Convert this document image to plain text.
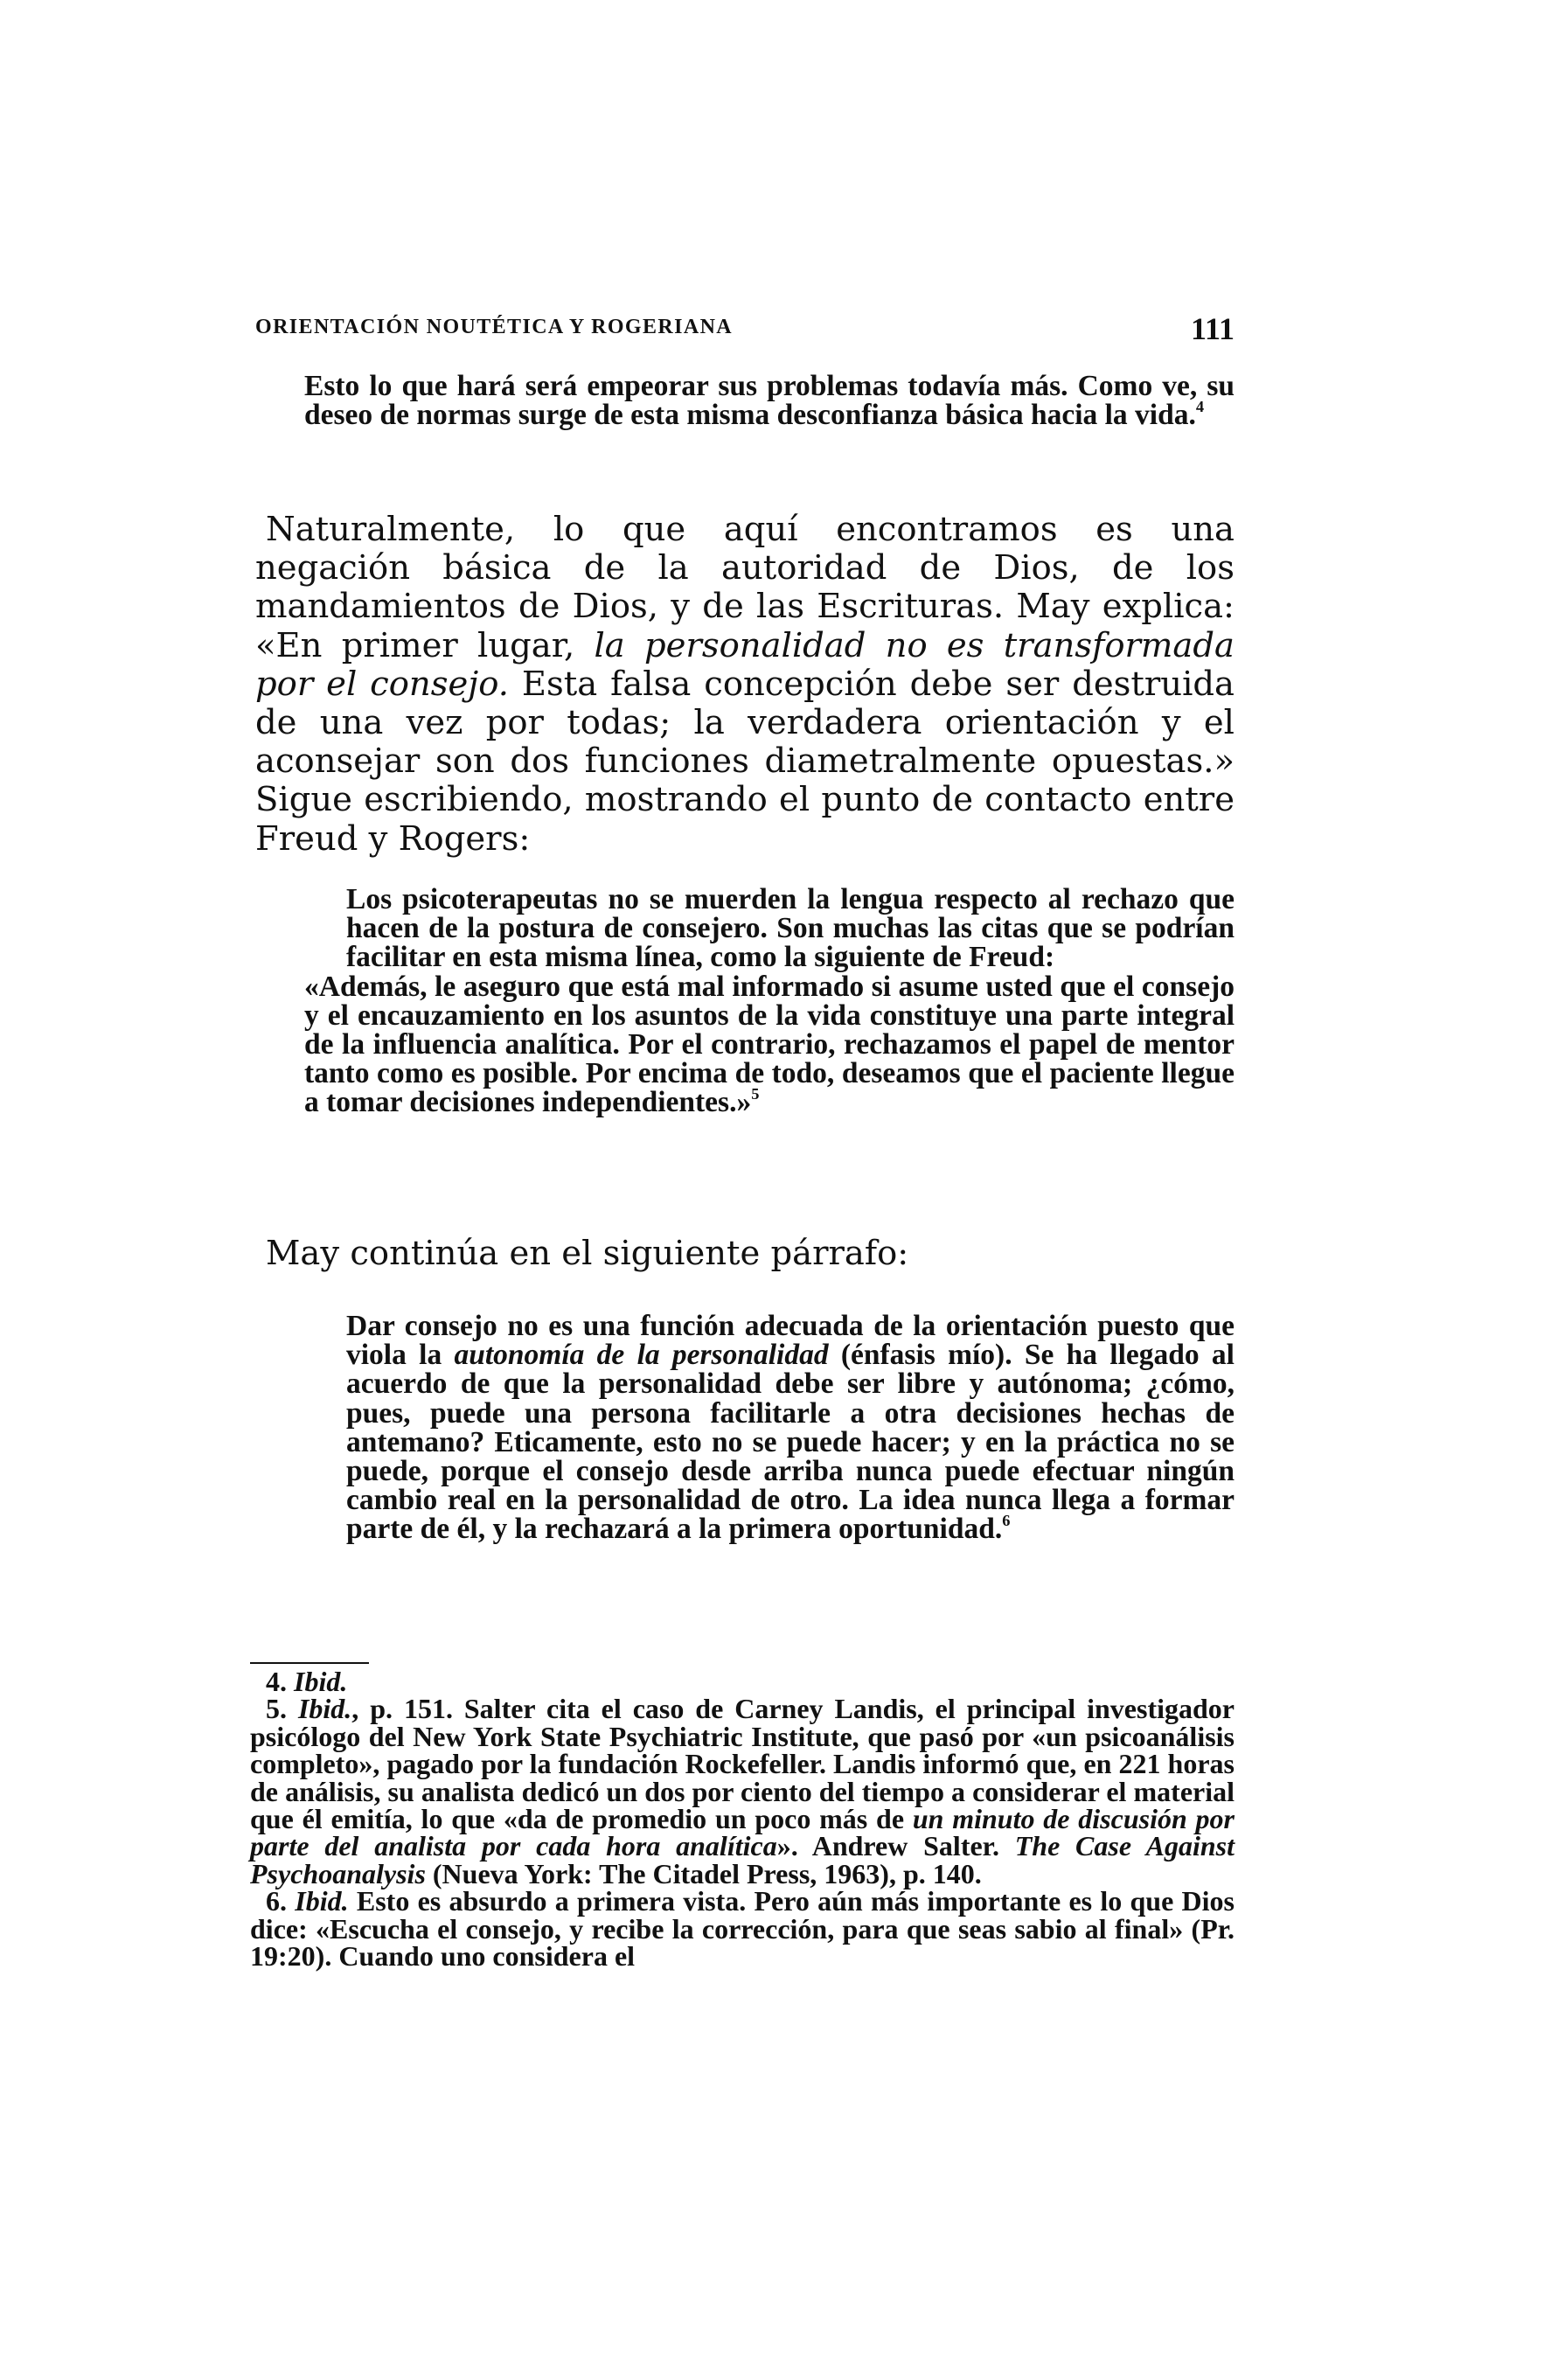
ORIENTACIÓN NOUTÉTICA Y ROGERIANA	111

Esto lo que hará será empeorar sus problemas todavía más. Como ve, su deseo de normas surge de esta misma desconfianza básica hacia la vida.$^4$

Naturalmente, lo que aquí encontramos es una negación básica de la autoridad de Dios, de los mandamientos de Dios, y de las Escrituras. May explica: «En primer lugar, la personalidad no es transformada por el consejo. Esta falsa concepción debe ser destruida de una vez por todas; la verdadera orientación y el aconsejar son dos funciones diametralmente opuestas.» Sigue escribiendo, mostrando el punto de contacto entre Freud y Rogers:

Los psicoterapeutas no se muerden la lengua respecto al rechazo que hacen de la postura de consejero. Son muchas las citas que se podrían facilitar en esta misma línea, como la siguiente de Freud:

«Además, le aseguro que está mal informado si asume usted que el consejo y el encauzamiento en los asuntos de la vida constituye una parte integral de la influencia analítica. Por el contrario, rechazamos el papel de mentor tanto como es posible. Por encima de todo, deseamos que el paciente llegue a tomar decisiones independientes.»$^5$

May continúa en el siguiente párrafo:

Dar consejo no es una función adecuada de la orientación puesto que viola la autonomía de la personalidad (énfasis mío). Se ha llegado al acuerdo de que la personalidad debe ser libre y autónoma; ¿cómo, pues, puede una persona facilitarle a otra decisiones hechas de antemano? Eticamente, esto no se puede hacer; y en la práctica no se puede, porque el consejo desde arriba nunca puede efectuar ningún cambio real en la personalidad de otro. La idea nunca llega a formar parte de él, y la rechazará a la primera oportunidad.$^6$

4. Ibid.

5. Ibid., p. 151. Salter cita el caso de Carney Landis, el principal investigador psicólogo del New York State Psychiatric Institute, que pasó por «un psicoanálisis completo», pagado por la fundación Rockefeller. Landis informó que, en 221 horas de análisis, su analista dedicó un dos por ciento del tiempo a considerar el material que él emitía, lo que «da de promedio un poco más de un minuto de discusión por parte del analista por cada hora analítica». Andrew Salter. The Case Against Psychoanalysis (Nueva York: The Citadel Press, 1963), p. 140.

6. Ibid. Esto es absurdo a primera vista. Pero aún más importante es lo que Dios dice: «Escucha el consejo, y recibe la corrección, para que seas sabio al final» (Pr. 19:20). Cuando uno considera el
